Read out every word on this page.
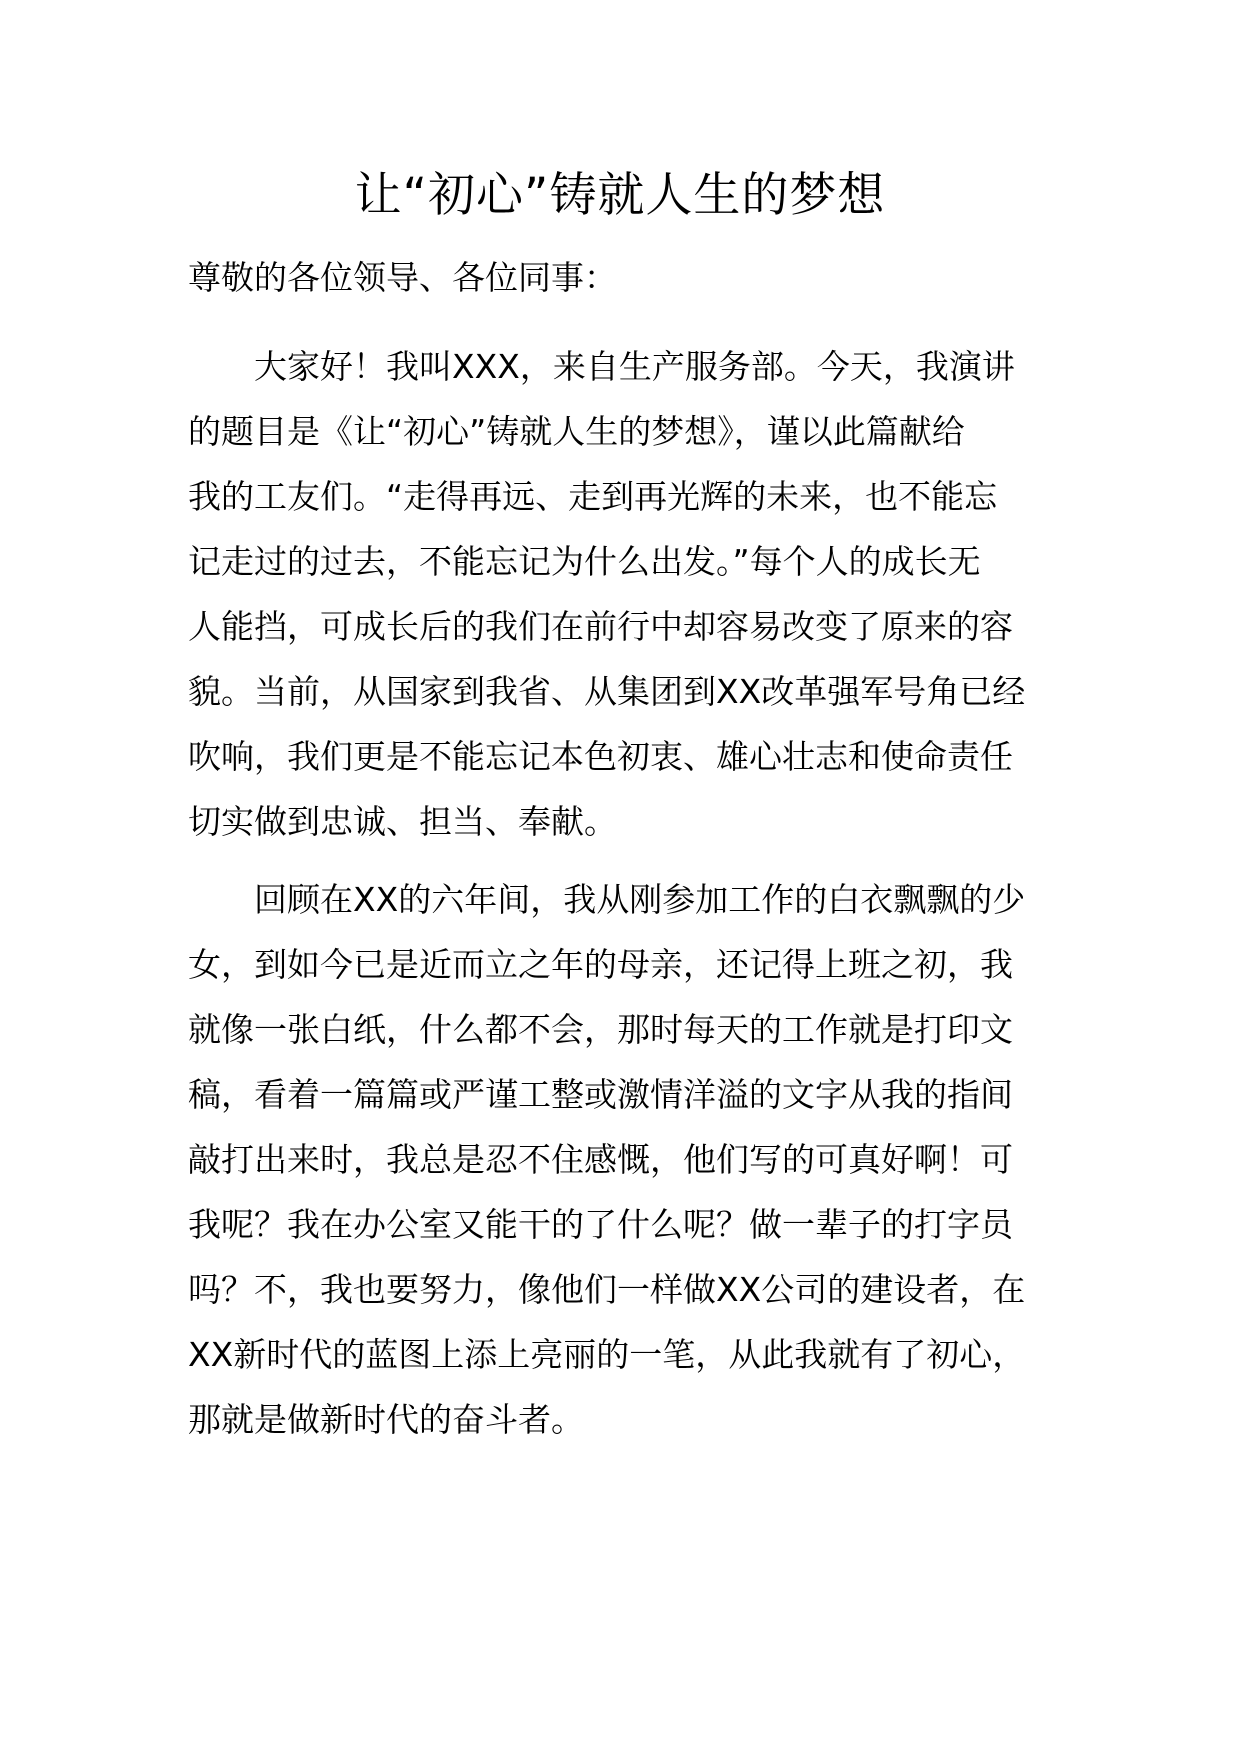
让“初心”铸就人生的梦想

尊敬的各位领导、各位同事：

　　大家好！我叫XXX，来自生产服务部。今天，我演讲
的题目是《让“初心”铸就人生的梦想》，谨以此篇献给
我的工友们。“走得再远、走到再光辉的未来，也不能忘
记走过的过去，不能忘记为什么出发。”每个人的成长无
人能挡，可成长后的我们在前行中却容易改变了原来的容
貌。当前，从国家到我省、从集团到XX改革强军号角已经
吹响，我们更是不能忘记本色初衷、雄心壮志和使命责任
切实做到忠诚、担当、奉献。
　　回顾在XX的六年间，我从刚参加工作的白衣飘飘的少
女，到如今已是近而立之年的母亲，还记得上班之初，我
就像一张白纸，什么都不会，那时每天的工作就是打印文
稿，看着一篇篇或严谨工整或激情洋溢的文字从我的指间
敲打出来时，我总是忍不住感慨，他们写的可真好啊！可
我呢？我在办公室又能干的了什么呢？做一辈子的打字员
吗？不，我也要努力，像他们一样做XX公司的建设者，在
XX新时代的蓝图上添上亮丽的一笔，从此我就有了初心，
那就是做新时代的奋斗者。
